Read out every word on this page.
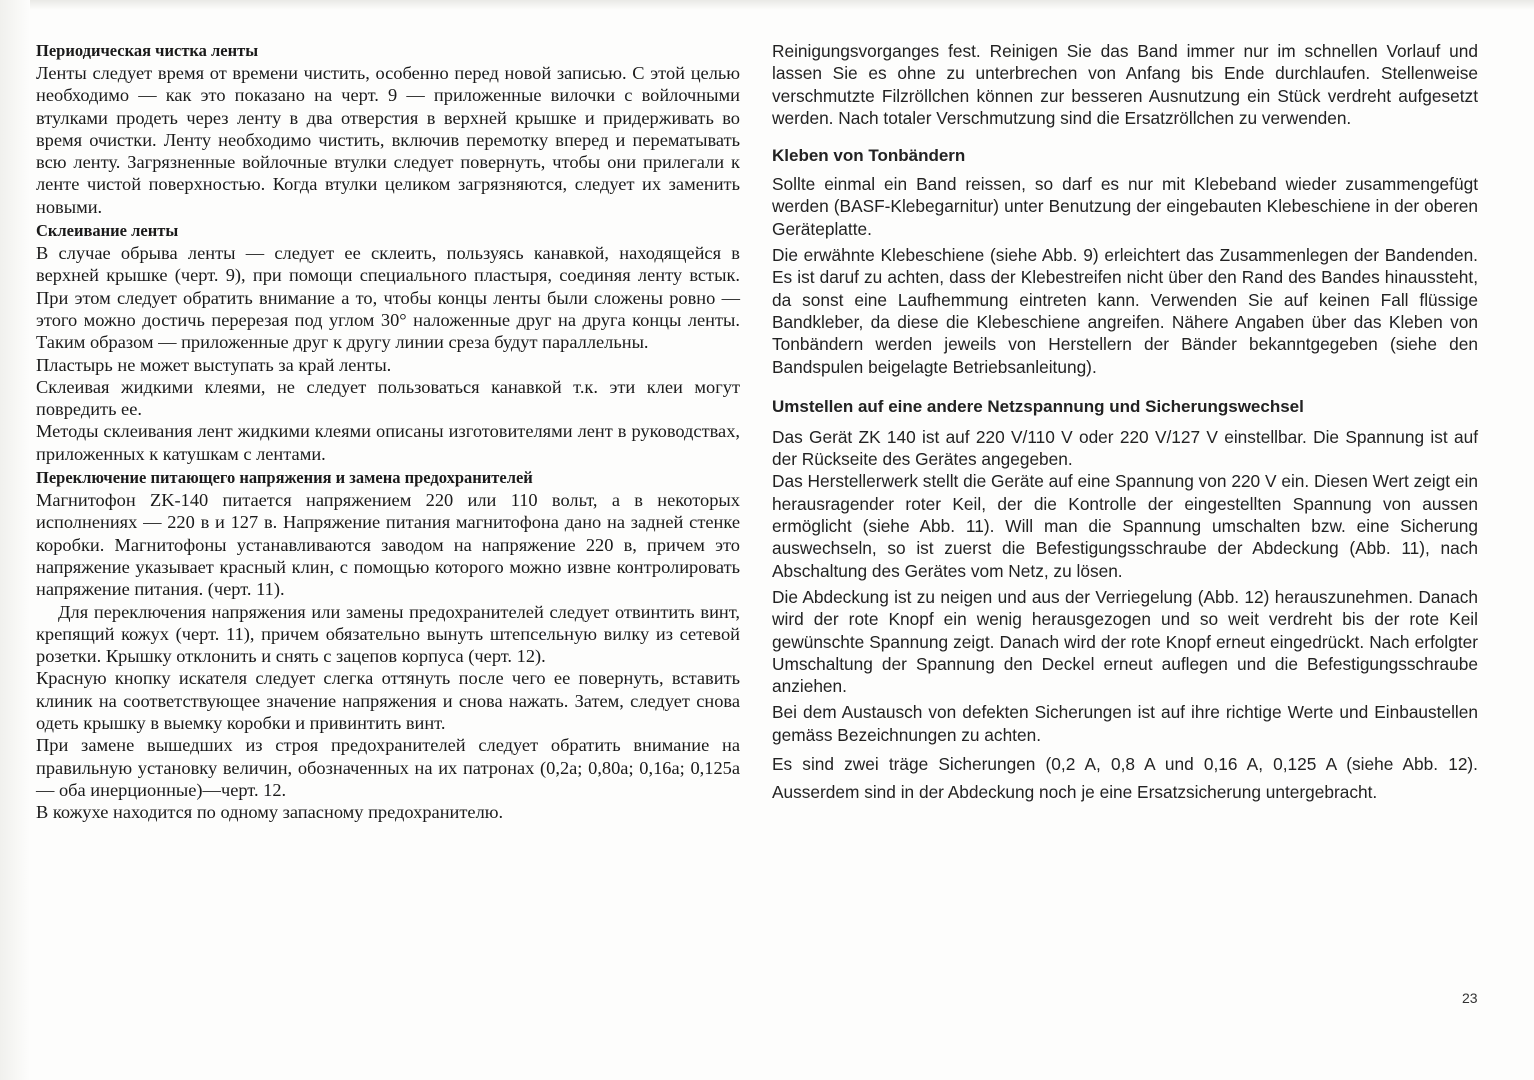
Периодическая чистка ленты

Ленты следует время от времени чистить, особенно перед новой записью. С этой целью необходимо — как это показано на черт. 9 — приложенные вилочки с войлочными втулками продеть через ленту в два отверстия в верхней крышке и придерживать во время очистки. Ленту необходимо чистить, включив перемотку вперед и перематывать всю ленту. Загрязненные войлочные втулки следует повернуть, чтобы они прилегали к ленте чистой поверхностью. Когда втулки целиком загрязняются, следует их заменить новыми.

Склеивание ленты

В случае обрыва ленты — следует ее склеить, пользуясь канавкой, находящейся в верхней крышке (черт. 9), при помощи специального пластыря, соединяя ленту встык. При этом следует обратить внимание а то, чтобы концы ленты были сложены ровно — этого можно достичь перерезая под углом 30° наложенные друг на друга концы ленты. Таким образом — приложенные друг к другу линии среза будут параллельны.

Пластырь не может выступать за край ленты.

Склеивая жидкими клеями, не следует пользоваться канавкой т.к. эти клеи могут повредить ее.

Методы склеивания лент жидкими клеями описаны изготовителями лент в руководствах, приложенных к катушкам с лентами.

Переключение питающего напряжения и замена предохранителей

Магнитофон ZK-140 питается напряжением 220 или 110 вольт, а в некоторых исполнениях — 220 в и 127 в. Напряжение питания магнитофона дано на задней стенке коробки. Магнитофоны устанавливаются заводом на напряжение 220 в, причем это напряжение указывает красный клин, с помощью которого можно извне контролировать напряжение питания. (черт. 11).

Для переключения напряжения или замены предохранителей следует отвинтить винт, крепящий кожух (черт. 11), причем обязательно вынуть штепсельную вилку из сетевой розетки. Крышку отклонить и снять с зацепов корпуса (черт. 12).

Красную кнопку искателя следует слегка оттянуть после чего ее повернуть, вставить клиник на соответствующее значение напряжения и снова нажать. Затем, следует снова одеть крышку в выемку коробки и привинтить винт.

При замене вышедших из строя предохранителей следует обратить внимание на правильную установку величин, обозначенных на их патронах (0,2а; 0,80а; 0,16а; 0,125а — оба инерционные)—черт. 12.

В кожухе находится по одному запасному предохранителю.

Reinigungsvorganges fest. Reinigen Sie das Band immer nur im schnellen Vorlauf und lassen Sie es ohne zu unterbrechen von Anfang bis Ende durchlaufen. Stellenweise verschmutzte Filzröllchen können zur besseren Ausnutzung ein Stück verdreht aufgesetzt werden. Nach totaler Verschmutzung sind die Ersatzröllchen zu verwenden.

Kleben von Tonbändern

Sollte einmal ein Band reissen, so darf es nur mit Klebeband wieder zusammengefügt werden (BASF-Klebegarnitur) unter Benutzung der eingebauten Klebeschiene in der oberen Geräteplatte.

Die erwähnte Klebeschiene (siehe Abb. 9) erleichtert das Zusammenlegen der Bandenden. Es ist daruf zu achten, dass der Klebestreifen nicht über den Rand des Bandes hinaussteht, da sonst eine Laufhemmung eintreten kann. Verwenden Sie auf keinen Fall flüssige Bandkleber, da diese die Klebeschiene angreifen. Nähere Angaben über das Kleben von Tonbändern werden jeweils von Herstellern der Bänder bekanntgegeben (siehe den Bandspulen beigelagte Betriebsanleitung).

Umstellen auf eine andere Netzspannung und Sicherungswechsel

Das Gerät ZK 140 ist auf 220 V/110 V oder 220 V/127 V einstellbar. Die Spannung ist auf der Rückseite des Gerätes angegeben.

Das Herstellerwerk stellt die Geräte auf eine Spannung von 220 V ein. Diesen Wert zeigt ein herausragender roter Keil, der die Kontrolle der eingestellten Spannung von aussen ermöglicht (siehe Abb. 11). Will man die Spannung umschalten bzw. eine Sicherung auswechseln, so ist zuerst die Befestigungsschraube der Abdeckung (Abb. 11), nach Abschaltung des Gerätes vom Netz, zu lösen.

Die Abdeckung ist zu neigen und aus der Verriegelung (Abb. 12) herauszunehmen. Danach wird der rote Knopf ein wenig herausgezogen und so weit verdreht bis der rote Keil gewünschte Spannung zeigt. Danach wird der rote Knopf erneut eingedrückt. Nach erfolgter Umschaltung der Spannung den Deckel erneut auflegen und die Befestigungsschraube anziehen.

Bei dem Austausch von defekten Sicherungen ist auf ihre richtige Werte und Einbaustellen gemäss Bezeichnungen zu achten.

Es sind zwei träge Sicherungen (0,2 A, 0,8 A und 0,16 A, 0,125 A (siehe Abb. 12). Ausserdem sind in der Abdeckung noch je eine Ersatzsicherung untergebracht.

23
